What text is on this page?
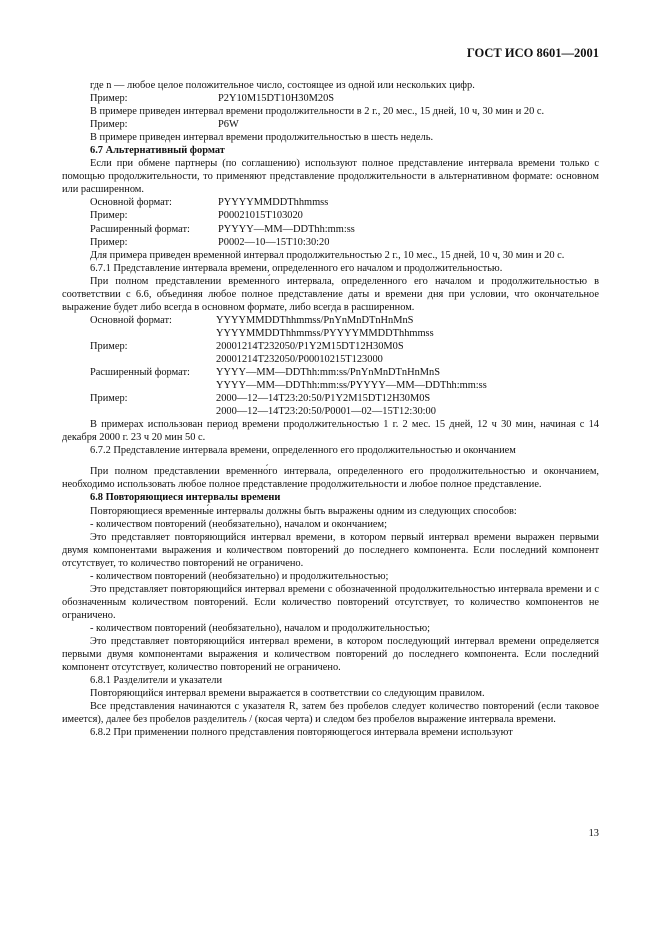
ГОСТ ИСО 8601—2001

где n — любое целое положительное число, состоящее из одной или нескольких цифр.

Пример:	P2Y10M15DT10H30M20S

В примере приведен интервал времени продолжительности в 2 г., 20 мес., 15 дней, 10 ч, 30 мин и 20 с.

Пример:	P6W

В примере приведен интервал времени продолжительностью в шесть недель.

6.7 Альтернативный формат

Если при обмене партнеры (по соглашению) используют полное представление интервала времени только с помощью продолжительности, то применяют представление продолжительности в альтернативном формате: основном или расширенном.

Основной формат:	PYYYYMMDDThhmmss
Пример:	P00021015T103020
Расширенный формат:	PYYYY—MM—DDThh:mm:ss
Пример:	P0002—10—15T10:30:20

Для примера приведен временной интервал продолжительностью 2 г., 10 мес., 15 дней, 10 ч, 30 мин и 20 с.

6.7.1 Представление интервала времени, определенного его началом и продолжительностью.

При полном представлении временно́го интервала, определенного его началом и продолжительностью в соответствии с 6.6, объединяя любое полное представление даты и времени дня при условии, что окончательное выражение будет либо всегда в основном формате, либо всегда в расширенном.

Основной формат:	YYYYMMDDThhmmss/PnYnMnDTnHnMnS
YYYYMMDDThhmmss/PYYYYMMDDThhmmss
Пример:	20001214T232050/P1Y2M15DT12H30M0S
20001214T232050/P00010215T123000
Расширенный формат:	YYYY—MM—DDThh:mm:ss/PnYnMnDTnHnMnS
YYYY—MM—DDThh:mm:ss/PYYYY—MM—DDThh:mm:ss
Пример:	2000—12—14T23:20:50/P1Y2M15DT12H30M0S
2000—12—14T23:20:50/P0001—02—15T12:30:00

В примерах использован период времени продолжительностью 1 г. 2 мес. 15 дней, 12 ч 30 мин, начиная с 14 декабря 2000 г. 23 ч 20 мин 50 с.

6.7.2 Представление интервала времени, определенного его продолжительностью и окончанием

При полном представлении временно́го интервала, определенного его продолжительностью и окончанием, необходимо использовать любое полное представление продолжительности и любое полное представление.

6.8 Повторяющиеся интервалы времени

Повторяющиеся временны́е интервалы должны быть выражены одним из следующих способов:

- количеством повторений (необязательно), началом и окончанием;

Это представляет повторяющийся интервал времени, в котором первый интервал времени выражен первыми двумя компонентами выражения и количеством повторений до последнего компонента. Если последний компонент отсутствует, то количество повторений не ограничено.

- количеством повторений (необязательно) и продолжительностью;

Это представляет повторяющийся интервал времени с обозначенной продолжительностью интервала времени и с обозначенным количеством повторений. Если количество повторений отсутствует, то количество компонентов не ограничено.

- количеством повторений (необязательно), началом и продолжительностью;

Это представляет повторяющийся интервал времени, в котором последующий интервал времени определяется первыми двумя компонентами выражения и количеством повторений до последнего компонента. Если последний компонент отсутствует, количество повторений не ограничено.

6.8.1 Разделители и указатели

Повторяющийся интервал времени выражается в соответствии со следующим правилом.

Все представления начинаются с указателя R, затем без пробелов следует количество повторений (если таковое имеется), далее без пробелов разделитель / (косая черта) и следом без пробелов выражение интервала времени.

6.8.2 При применении полного представления повторяющегося интервала времени используют

13
